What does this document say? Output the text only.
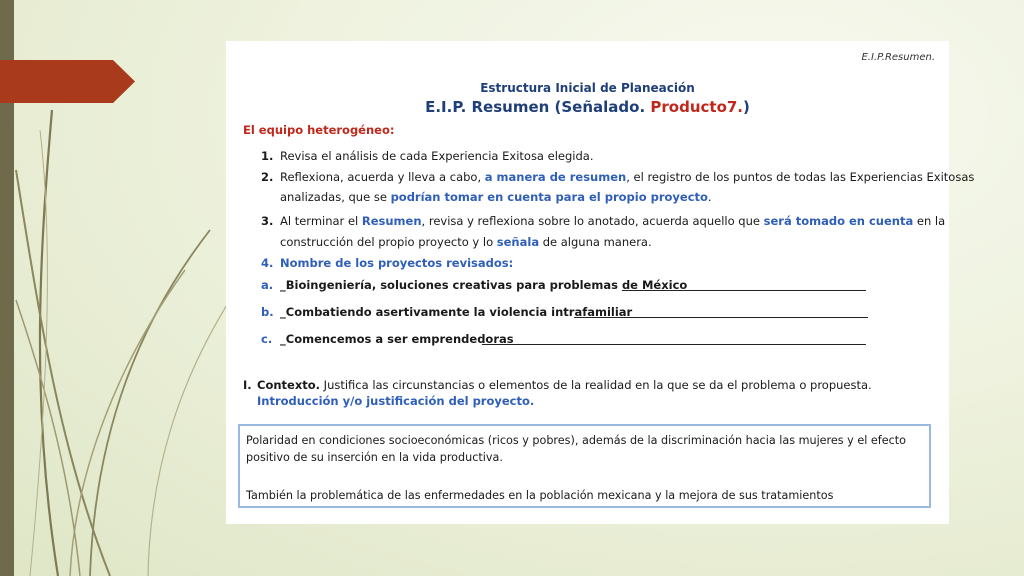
E.I.P.Resumen.
Estructura Inicial de Planeación
E.I.P. Resumen (Señalado. Producto7.)
El equipo heterogéneo:
1. Revisa el análisis de cada Experiencia Exitosa elegida.
2. Reflexiona, acuerda y lleva a cabo, a manera de resumen, el registro de los puntos de todas las Experiencias Exitosas
analizadas, que se podrían tomar en cuenta para el propio proyecto.
3. Al terminar el Resumen, revisa y reflexiona sobre lo anotado, acuerda aquello que será tomado en cuenta en la
construcción del propio proyecto y lo señala de alguna manera.
4. Nombre de los proyectos revisados:
a. _Bioingeniería, soluciones creativas para problemas de México
b. _Combatiendo asertivamente la violencia intrafamiliar
c. _Comencemos a ser emprendedoras
I. Contexto. Justifica las circunstancias o elementos de la realidad en la que se da el problema o propuesta.
Introducción y/o justificación del proyecto.
Polaridad en condiciones socioeconómicas (ricos y pobres), además de la discriminación hacia las mujeres y el efecto
positivo de su inserción en la vida productiva.
También la problemática de las enfermedades en la población mexicana y la mejora de sus tratamientos
